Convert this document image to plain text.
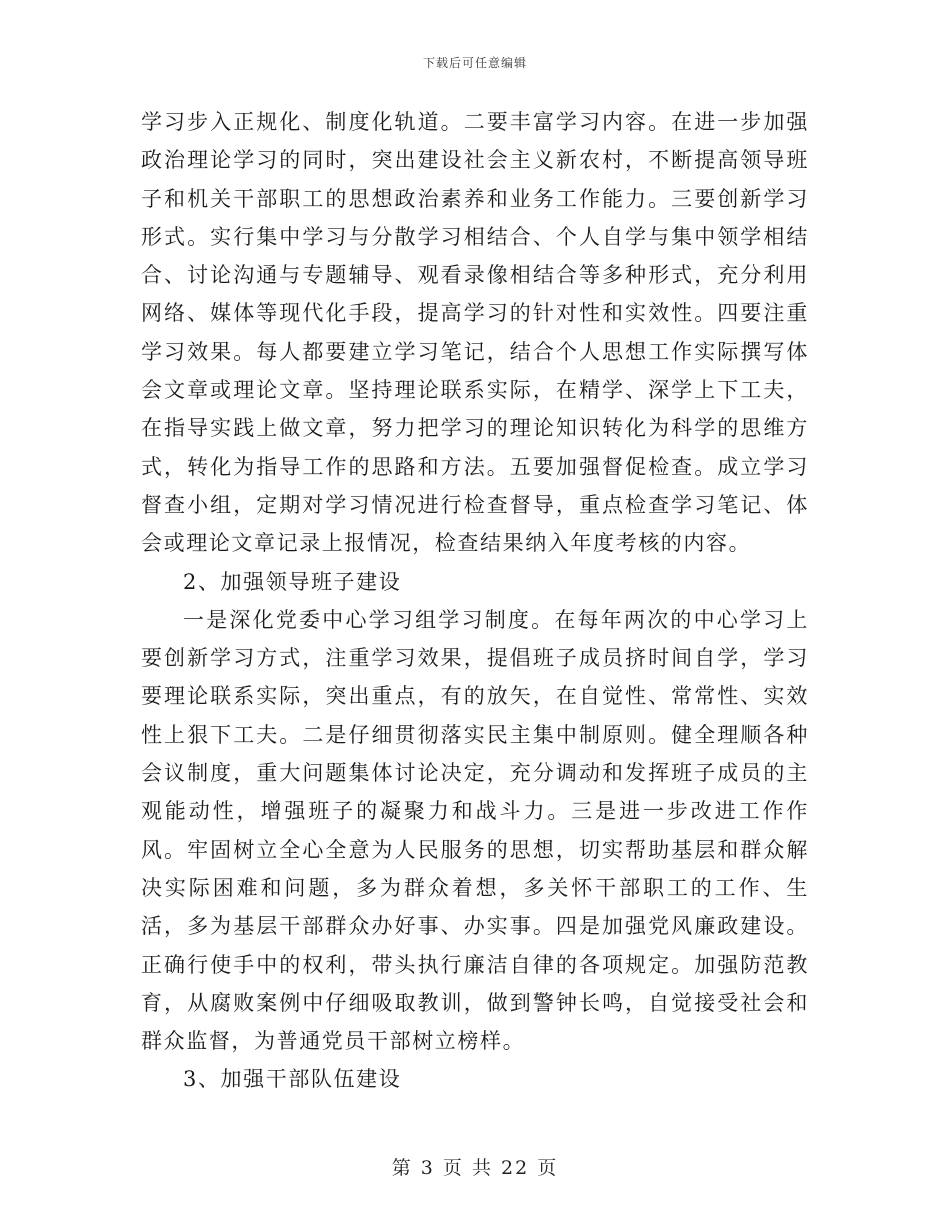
下载后可任意编辑

学习步入正规化、制度化轨道。二要丰富学习内容。在进一步加强政治理论学习的同时，突出建设社会主义新农村，不断提高领导班子和机关干部职工的思想政治素养和业务工作能力。三要创新学习形式。实行集中学习与分散学习相结合、个人自学与集中领学相结合、讨论沟通与专题辅导、观看录像相结合等多种形式，充分利用网络、媒体等现代化手段，提高学习的针对性和实效性。四要注重学习效果。每人都要建立学习笔记，结合个人思想工作实际撰写体会文章或理论文章。坚持理论联系实际，在精学、深学上下工夫，在指导实践上做文章，努力把学习的理论知识转化为科学的思维方式，转化为指导工作的思路和方法。五要加强督促检查。成立学习督查小组，定期对学习情况进行检查督导，重点检查学习笔记、体会或理论文章记录上报情况，检查结果纳入年度考核的内容。

2、加强领导班子建设

一是深化党委中心学习组学习制度。在每年两次的中心学习上要创新学习方式，注重学习效果，提倡班子成员挤时间自学，学习要理论联系实际，突出重点，有的放矢，在自觉性、常常性、实效性上狠下工夫。二是仔细贯彻落实民主集中制原则。健全理顺各种会议制度，重大问题集体讨论决定，充分调动和发挥班子成员的主观能动性，增强班子的凝聚力和战斗力。三是进一步改进工作作风。牢固树立全心全意为人民服务的思想，切实帮助基层和群众解决实际困难和问题，多为群众着想，多关怀干部职工的工作、生活，多为基层干部群众办好事、办实事。四是加强党风廉政建设。正确行使手中的权利，带头执行廉洁自律的各项规定。加强防范教育，从腐败案例中仔细吸取教训，做到警钟长鸣，自觉接受社会和群众监督，为普通党员干部树立榜样。

3、加强干部队伍建设

第 3 页 共 22 页
